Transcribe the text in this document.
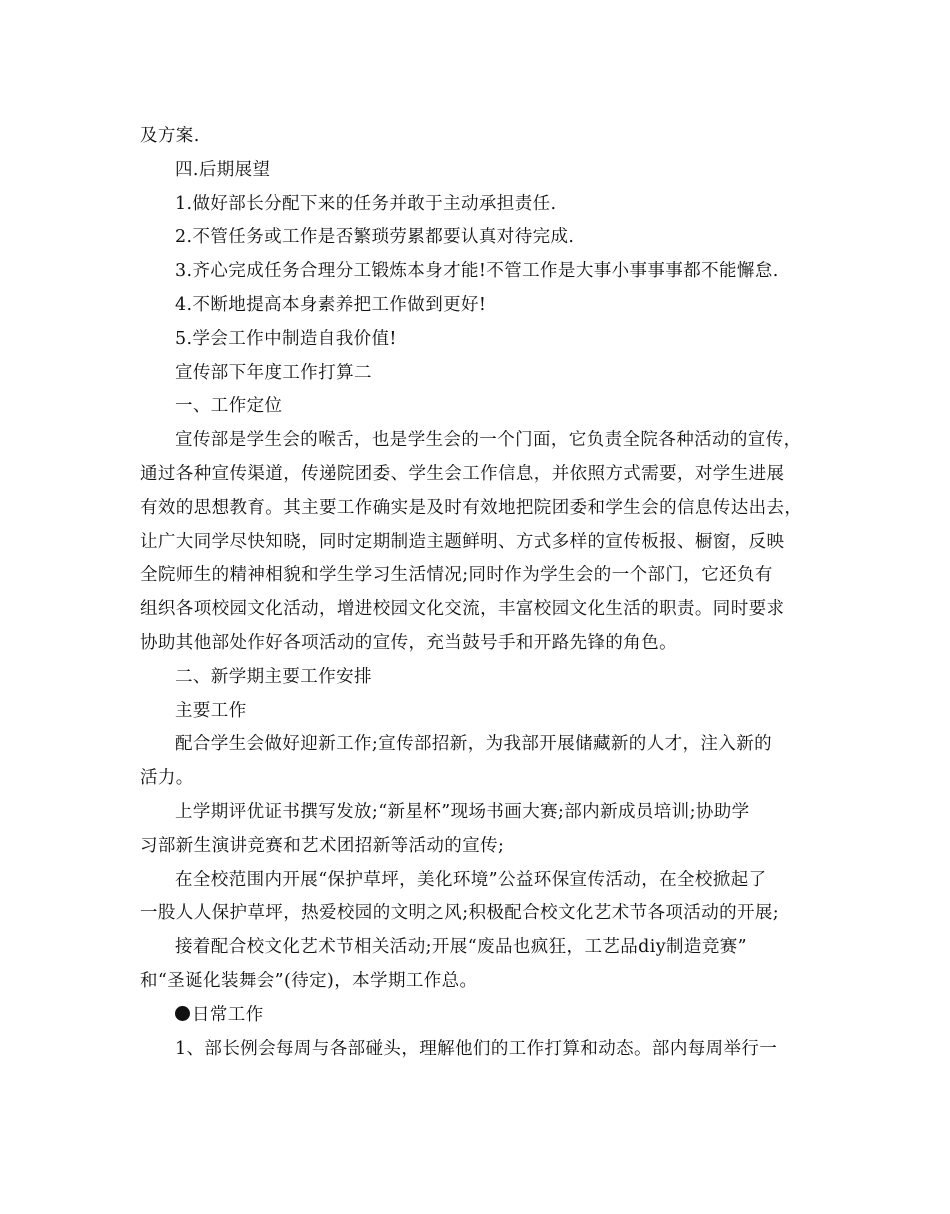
及方案.

四.后期展望

1.做好部长分配下来的任务并敢于主动承担责任.

2.不管任务或工作是否繁琐劳累都要认真对待完成.

3.齐心完成任务合理分工锻炼本身才能!不管工作是大事小事事事都不能懈怠.

4.不断地提高本身素养把工作做到更好!

5.学会工作中制造自我价值!

宣传部下年度工作打算二

一、工作定位

宣传部是学生会的喉舌，也是学生会的一个门面，它负责全院各种活动的宣传，

通过各种宣传渠道，传递院团委、学生会工作信息，并依照方式需要，对学生进展

有效的思想教育。其主要工作确实是及时有效地把院团委和学生会的信息传达出去，

让广大同学尽快知晓，同时定期制造主题鲜明、方式多样的宣传板报、橱窗，反映

全院师生的精神相貌和学生学习生活情况;同时作为学生会的一个部门，它还负有

组织各项校园文化活动，增进校园文化交流，丰富校园文化生活的职责。同时要求

协助其他部处作好各项活动的宣传，充当鼓号手和开路先锋的角色。

二、新学期主要工作安排

主要工作

配合学生会做好迎新工作;宣传部招新，为我部开展储藏新的人才，注入新的

活力。

上学期评优证书撰写发放;“新星杯”现场书画大赛;部内新成员培训;协助学

习部新生演讲竞赛和艺术团招新等活动的宣传;

在全校范围内开展“保护草坪，美化环境”公益环保宣传活动，在全校掀起了

一股人人保护草坪，热爱校园的文明之风;积极配合校文化艺术节各项活动的开展;

接着配合校文化艺术节相关活动;开展“废品也疯狂，工艺品diy制造竞赛”

和“圣诞化装舞会”(待定)，本学期工作总。

日常工作

1、部长例会每周与各部碰头，理解他们的工作打算和动态。部内每周举行一
